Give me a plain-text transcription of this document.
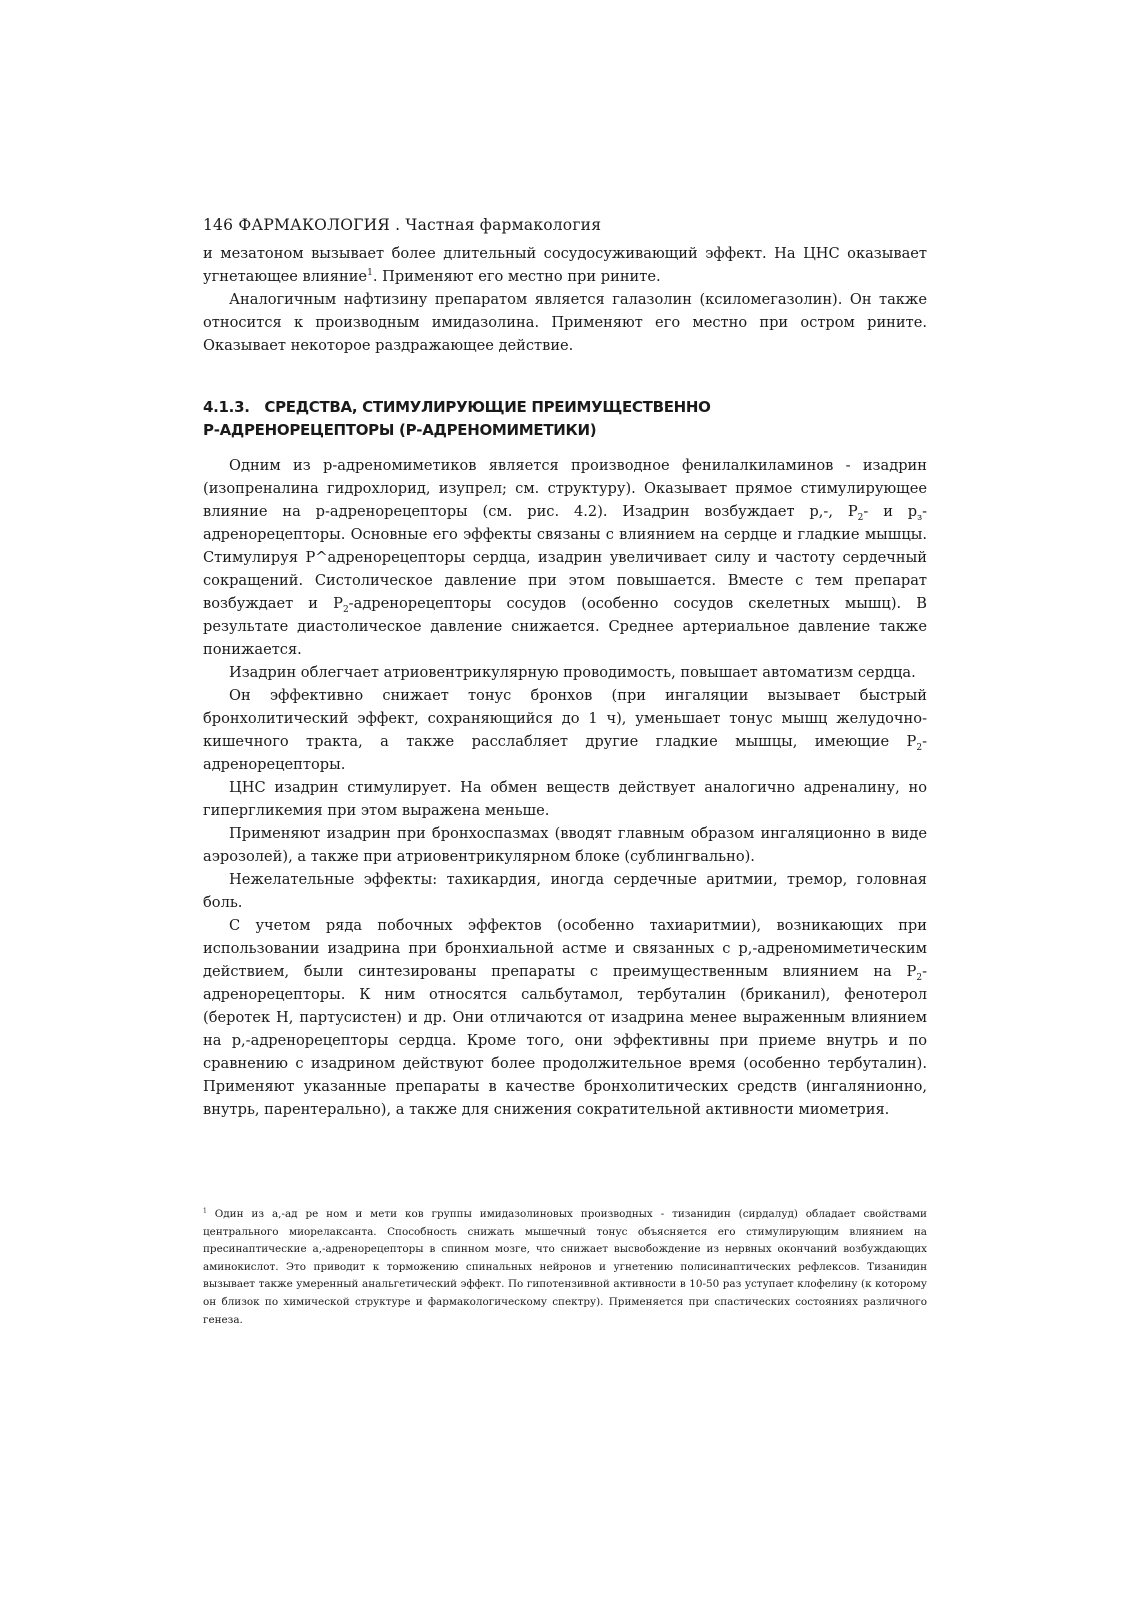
146 ФАРМАКОЛОГИЯ . Частная фармакология

и мезатоном вызывает более длительный сосудосуживающий эффект. На ЦНС оказывает угнетающее влияние$^1$. Применяют его местно при рините.

Аналогичным нафтизину препаратом является галазолин (ксиломегазолин). Он также относится к производным имидазолина. Применяют его местно при остром рините. Оказывает некоторое раздражающее действие.

4.1.3.   СРЕДСТВА, СТИМУЛИРУЮЩИЕ ПРЕИМУЩЕСТВЕННО
Р-АДРЕНОРЕЦЕПТОРЫ (Р-АДРЕНОМИМЕТИКИ)

Одним из р-адреномиметиков является производное фенилалкиламинов - изадрин (изопреналина гидрохлорид, изупрел; см. структуру). Оказывает прямое стимулирующее влияние на р-адренорецепторы (см. рис. 4.2). Изадрин возбуждает р,-, $Р_2-$ и $р_з$-адренорецепторы. Основные его эффекты связаны с влиянием на сердце и гладкие мышцы. Стимулируя Р^адренорецепторы сердца, изадрин увеличивает силу и частоту сердечный сокращений. Систолическое давление при этом повышается. Вместе с тем препарат возбуждает и $Р_2$-адренорецепторы сосудов (особенно сосудов скелетных мышц). В результате диастолическое давление снижается. Среднее артериальное давление также понижается.

Изадрин облегчает атриовентрикулярную проводимость, повышает автоматизм сердца.

Он эффективно снижает тонус бронхов (при ингаляции вызывает быстрый бронхолитический эффект, сохраняющийся до 1 ч), уменьшает тонус мышц желудочно-кишечного тракта, а также расслабляет другие гладкие мышцы, имеющие $Р_2$-адренорецепторы.

ЦНС изадрин стимулирует. На обмен веществ действует аналогично адреналину, но гипергликемия при этом выражена меньше.

Применяют изадрин при бронхоспазмах (вводят главным образом ингаляционно в виде аэрозолей), а также при атриовентрикулярном блоке (сублингвально).

Нежелательные эффекты: тахикардия, иногда сердечные аритмии, тремор, головная боль.

С учетом ряда побочных эффектов (особенно тахиаритмии), возникающих при использовании изадрина при бронхиальной астме и связанных с р,-адреномиметическим действием, были синтезированы препараты с преимущественным влиянием на $Р_2$-адренорецепторы. К ним относятся сальбутамол, тербуталин (бриканил), фенотерол (беротек Н, партусистен) и др. Они отличаются от изадрина менее выраженным влиянием на р,-адренорецепторы сердца. Кроме того, они эффективны при приеме внутрь и по сравнению с изадрином действуют более продолжительное время (особенно тербуталин). Применяют указанные препараты в качестве бронхолитических средств (ингалянионно, внутрь, парентерально), а также для снижения сократительной активности миометрия.

$^1$ Один из а,-ад ре ном и мети ков группы имидазолиновых производных - тизанидин (сирдалуд) обладает свойствами центрального миорелаксанта. Способность снижать мышечный тонус объясняется его стимулирующим влиянием на пресинаптические а,-адренорецепторы в спинном мозге, что снижает высвобождение из нервных окончаний возбуждающих аминокислот. Это приводит к торможению спинальных нейронов и угнетению полисинаптических рефлексов. Тизанидин вызывает также умеренный анальгетический эффект. По гипотензивной активности в 10-50 раз уступает клофелину (к которому он близок по химической структуре и фармакологическому спектру). Применяется при спастических состояниях различного генеза.
